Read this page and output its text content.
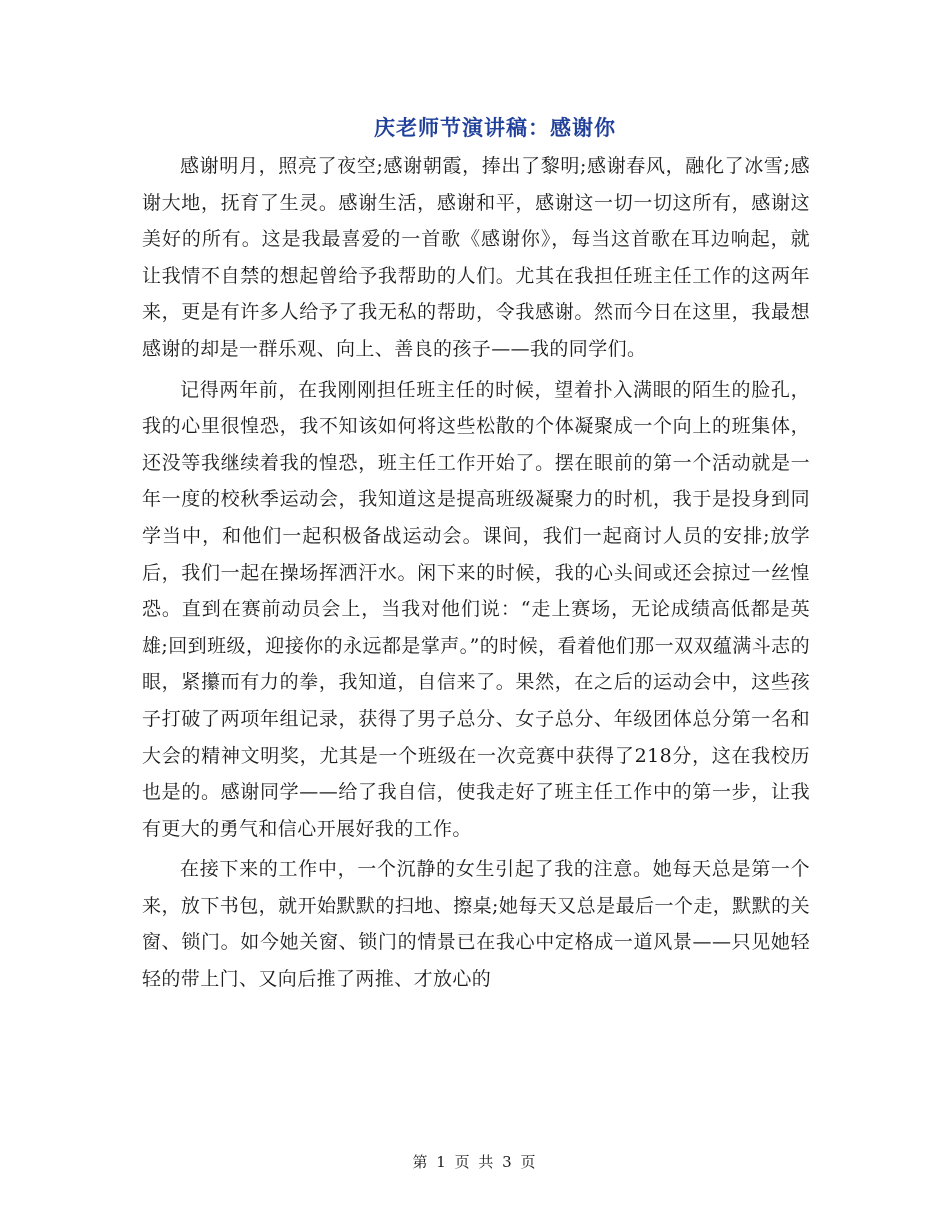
庆老师节演讲稿：感谢你

感谢明月，照亮了夜空;感谢朝霞，捧出了黎明;感谢春风，融化了冰雪;感谢大地，抚育了生灵。感谢生活，感谢和平，感谢这一切一切这所有，感谢这美好的所有。这是我最喜爱的一首歌《感谢你》，每当这首歌在耳边响起，就让我情不自禁的想起曾给予我帮助的人们。尤其在我担任班主任工作的这两年来，更是有许多人给予了我无私的帮助，令我感谢。然而今日在这里，我最想感谢的却是一群乐观、向上、善良的孩子——我的同学们。

记得两年前，在我刚刚担任班主任的时候，望着扑入满眼的陌生的脸孔，我的心里很惶恐，我不知该如何将这些松散的个体凝聚成一个向上的班集体，还没等我继续着我的惶恐，班主任工作开始了。摆在眼前的第一个活动就是一年一度的校秋季运动会，我知道这是提高班级凝聚力的时机，我于是投身到同学当中，和他们一起积极备战运动会。课间，我们一起商讨人员的安排;放学后，我们一起在操场挥洒汗水。闲下来的时候，我的心头间或还会掠过一丝惶恐。直到在赛前动员会上，当我对他们说：“走上赛场，无论成绩高低都是英雄;回到班级，迎接你的永远都是掌声。”的时候，看着他们那一双双蕴满斗志的眼，紧攥而有力的拳，我知道，自信来了。果然，在之后的运动会中，这些孩子打破了两项年组记录，获得了男子总分、女子总分、年级团体总分第一名和大会的精神文明奖，尤其是一个班级在一次竞赛中获得了218分，这在我校历也是的。感谢同学——给了我自信，使我走好了班主任工作中的第一步，让我有更大的勇气和信心开展好我的工作。

在接下来的工作中，一个沉静的女生引起了我的注意。她每天总是第一个来，放下书包，就开始默默的扫地、擦桌;她每天又总是最后一个走，默默的关窗、锁门。如今她关窗、锁门的情景已在我心中定格成一道风景——只见她轻轻的带上门、又向后推了两推、才放心的

第 1 页 共 3 页
